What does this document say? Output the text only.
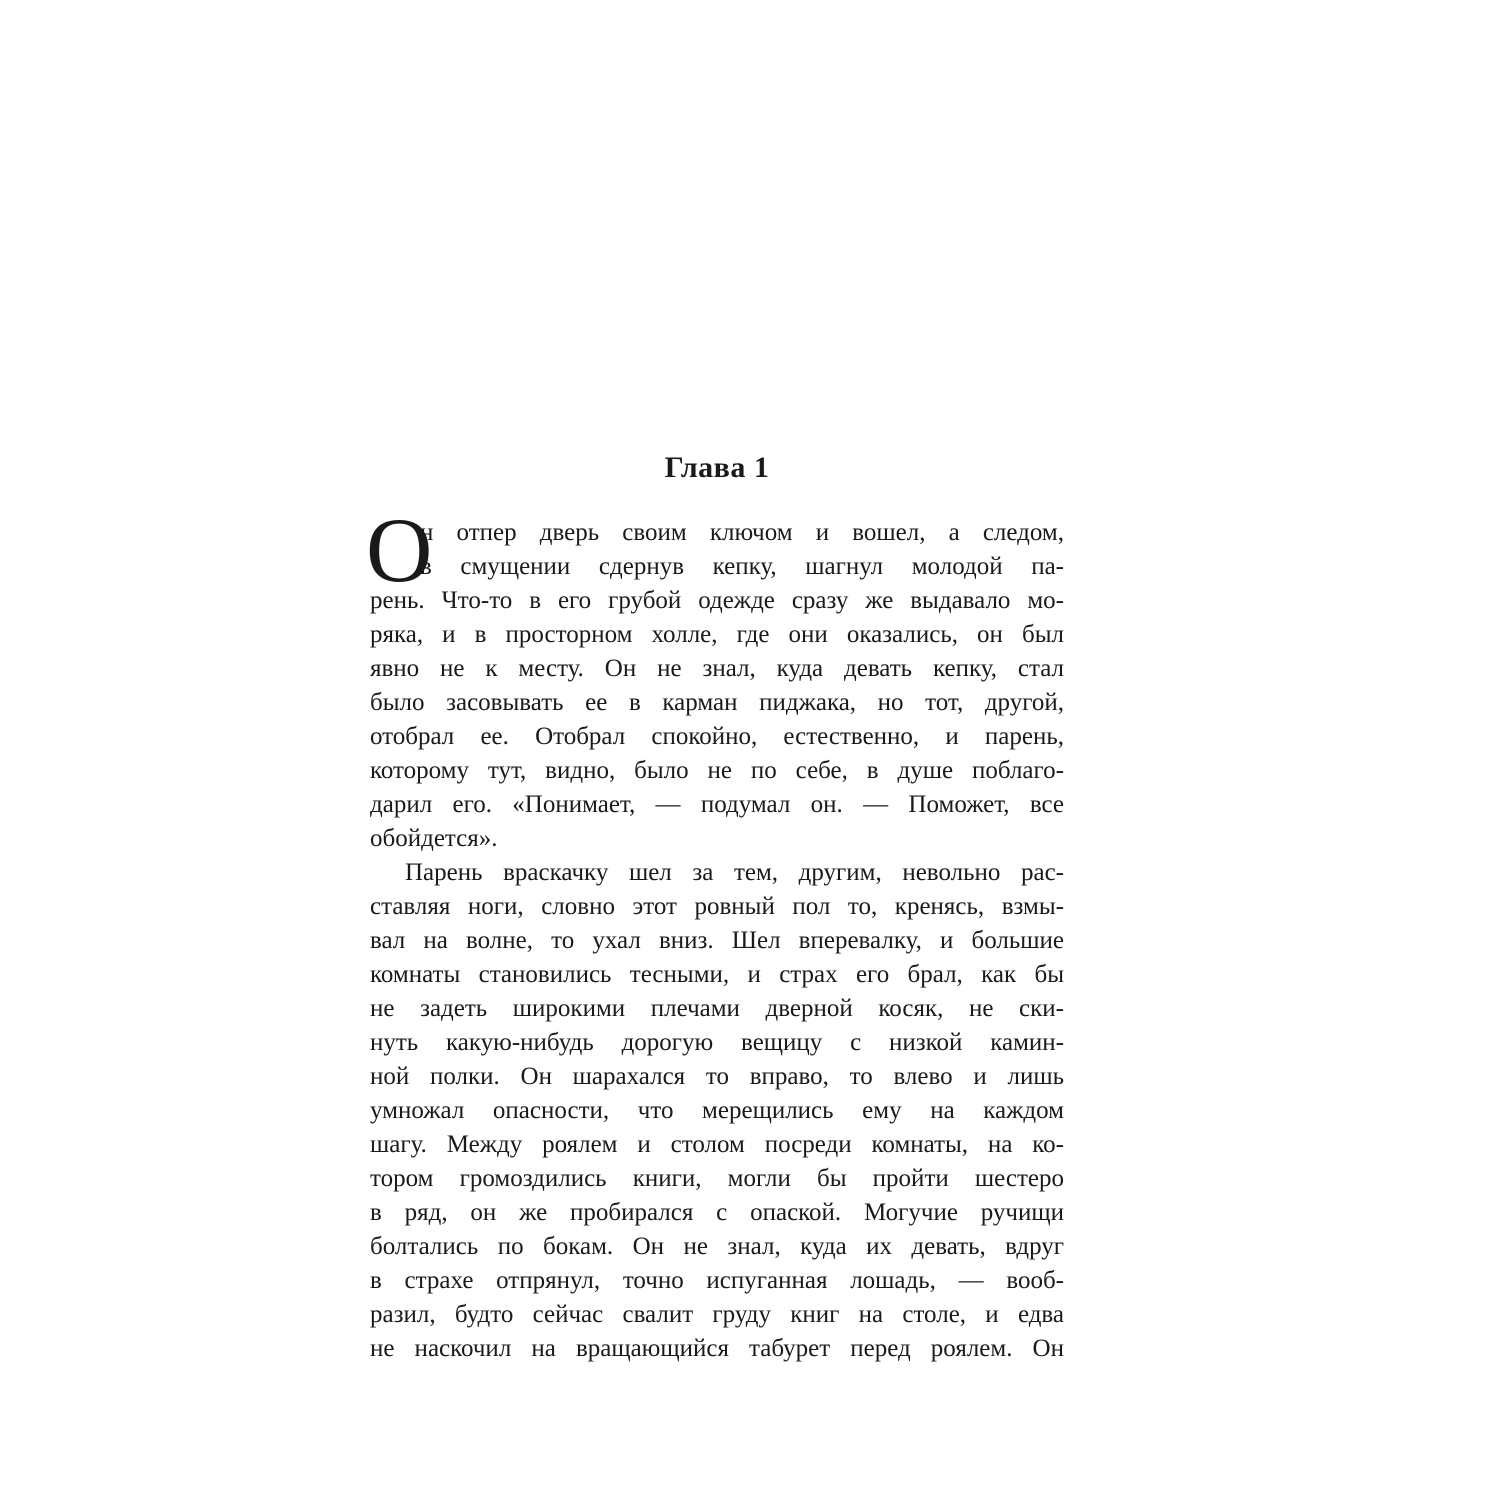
Глава 1
О
н отпер дверь своим ключом и вошел, а следом,
в смущении сдернув кепку, шагнул молодой па-
рень. Что-то в его грубой одежде сразу же выдавало мо-
ряка, и в просторном холле, где они оказались, он был
явно не к месту. Он не знал, куда девать кепку, стал
было засовывать ее в карман пиджака, но тот, другой,
отобрал ее. Отобрал спокойно, естественно, и парень,
которому тут, видно, было не по себе, в душе поблаго-
дарил его. «Понимает, — подумал он. — Поможет, все
обойдется».
Парень враскачку шел за тем, другим, невольно рас-
ставляя ноги, словно этот ровный пол то, кренясь, взмы-
вал на волне, то ухал вниз. Шел вперевалку, и большие
комнаты становились тесными, и страх его брал, как бы
не задеть широкими плечами дверной косяк, не ски-
нуть какую-нибудь дорогую вещицу с низкой камин-
ной полки. Он шарахался то вправо, то влево и лишь
умножал опасности, что мерещились ему на каждом
шагу. Между роялем и столом посреди комнаты, на ко-
тором громоздились книги, могли бы пройти шестеро
в ряд, он же пробирался с опаской. Могучие ручищи
болтались по бокам. Он не знал, куда их девать, вдруг
в страхе отпрянул, точно испуганная лошадь, — вооб-
разил, будто сейчас свалит груду книг на столе, и едва
не наскочил на вращающийся табурет перед роялем. Он
